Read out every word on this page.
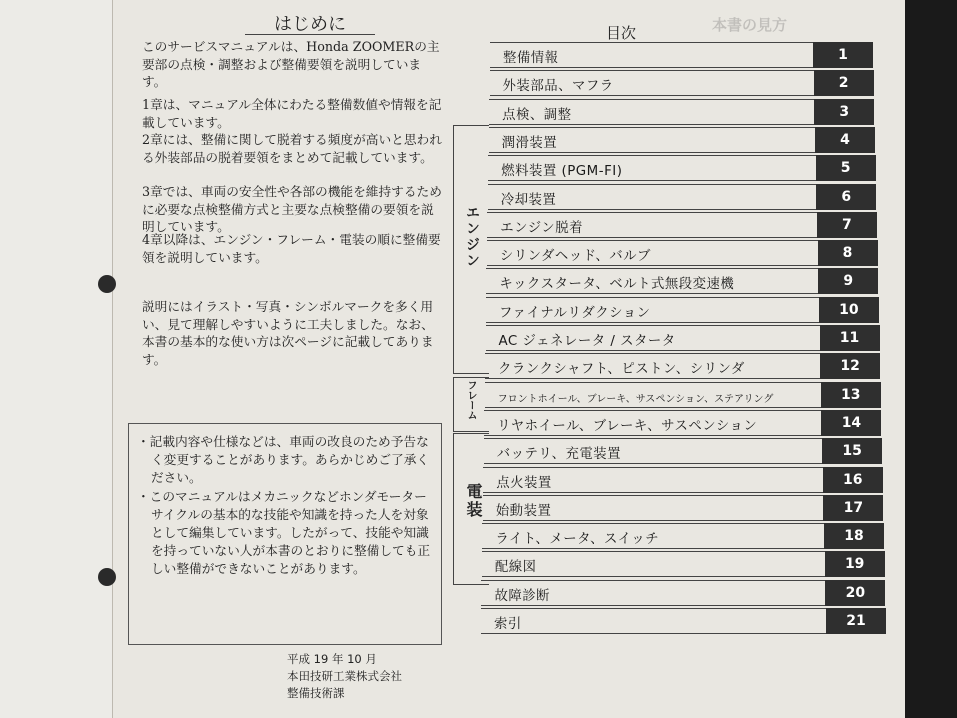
本書の見方
はじめに

このサービスマニュアルは、Honda ZOOMERの主要部の点検・調整および整備要領を説明しています。

1章は、マニュアル全体にわたる整備数値や情報を記載しています。

2章には、整備に関して脱着する頻度が高いと思われる外装部品の脱着要領をまとめて記載しています。

3章では、車両の安全性や各部の機能を維持するために必要な点検整備方式と主要な点検整備の要領を説明しています。

4章以降は、エンジン・フレーム・電装の順に整備要領を説明しています。

説明にはイラスト・写真・シンボルマークを多く用い、見て理解しやすいように工夫しました。なお、本書の基本的な使い方は次ページに記載してあります。

・記載内容や仕様などは、車両の改良のため予告なく変更することがあります。あらかじめご了承ください。

・このマニュアルはメカニックなどホンダモーターサイクルの基本的な技能や知識を持った人を対象として編集しています。したがって、技能や知識を持っていない人が本書のとおりに整備しても正しい整備ができないことがあります。

平成 19 年 10 月
本田技研工業株式会社
整備技術課
目次
エンジン
フレーム
電装
整備情報	1
外装部品、マフラ	2
点検、調整	3
潤滑装置	4
燃料装置 (PGM-FI)	5
冷却装置	6
エンジン脱着	7
シリンダヘッド、バルブ	8
キックスタータ、ベルト式無段変速機	9
ファイナルリダクション	10
AC ジェネレータ / スタータ	11
クランクシャフト、ピストン、シリンダ	12
フロントホイール、ブレーキ、サスペンション、ステアリング	13
リヤホイール、ブレーキ、サスペンション	14
バッテリ、充電装置	15
点火装置	16
始動装置	17
ライト、メータ、スイッチ	18
配線図	19
故障診断	20
索引	21
